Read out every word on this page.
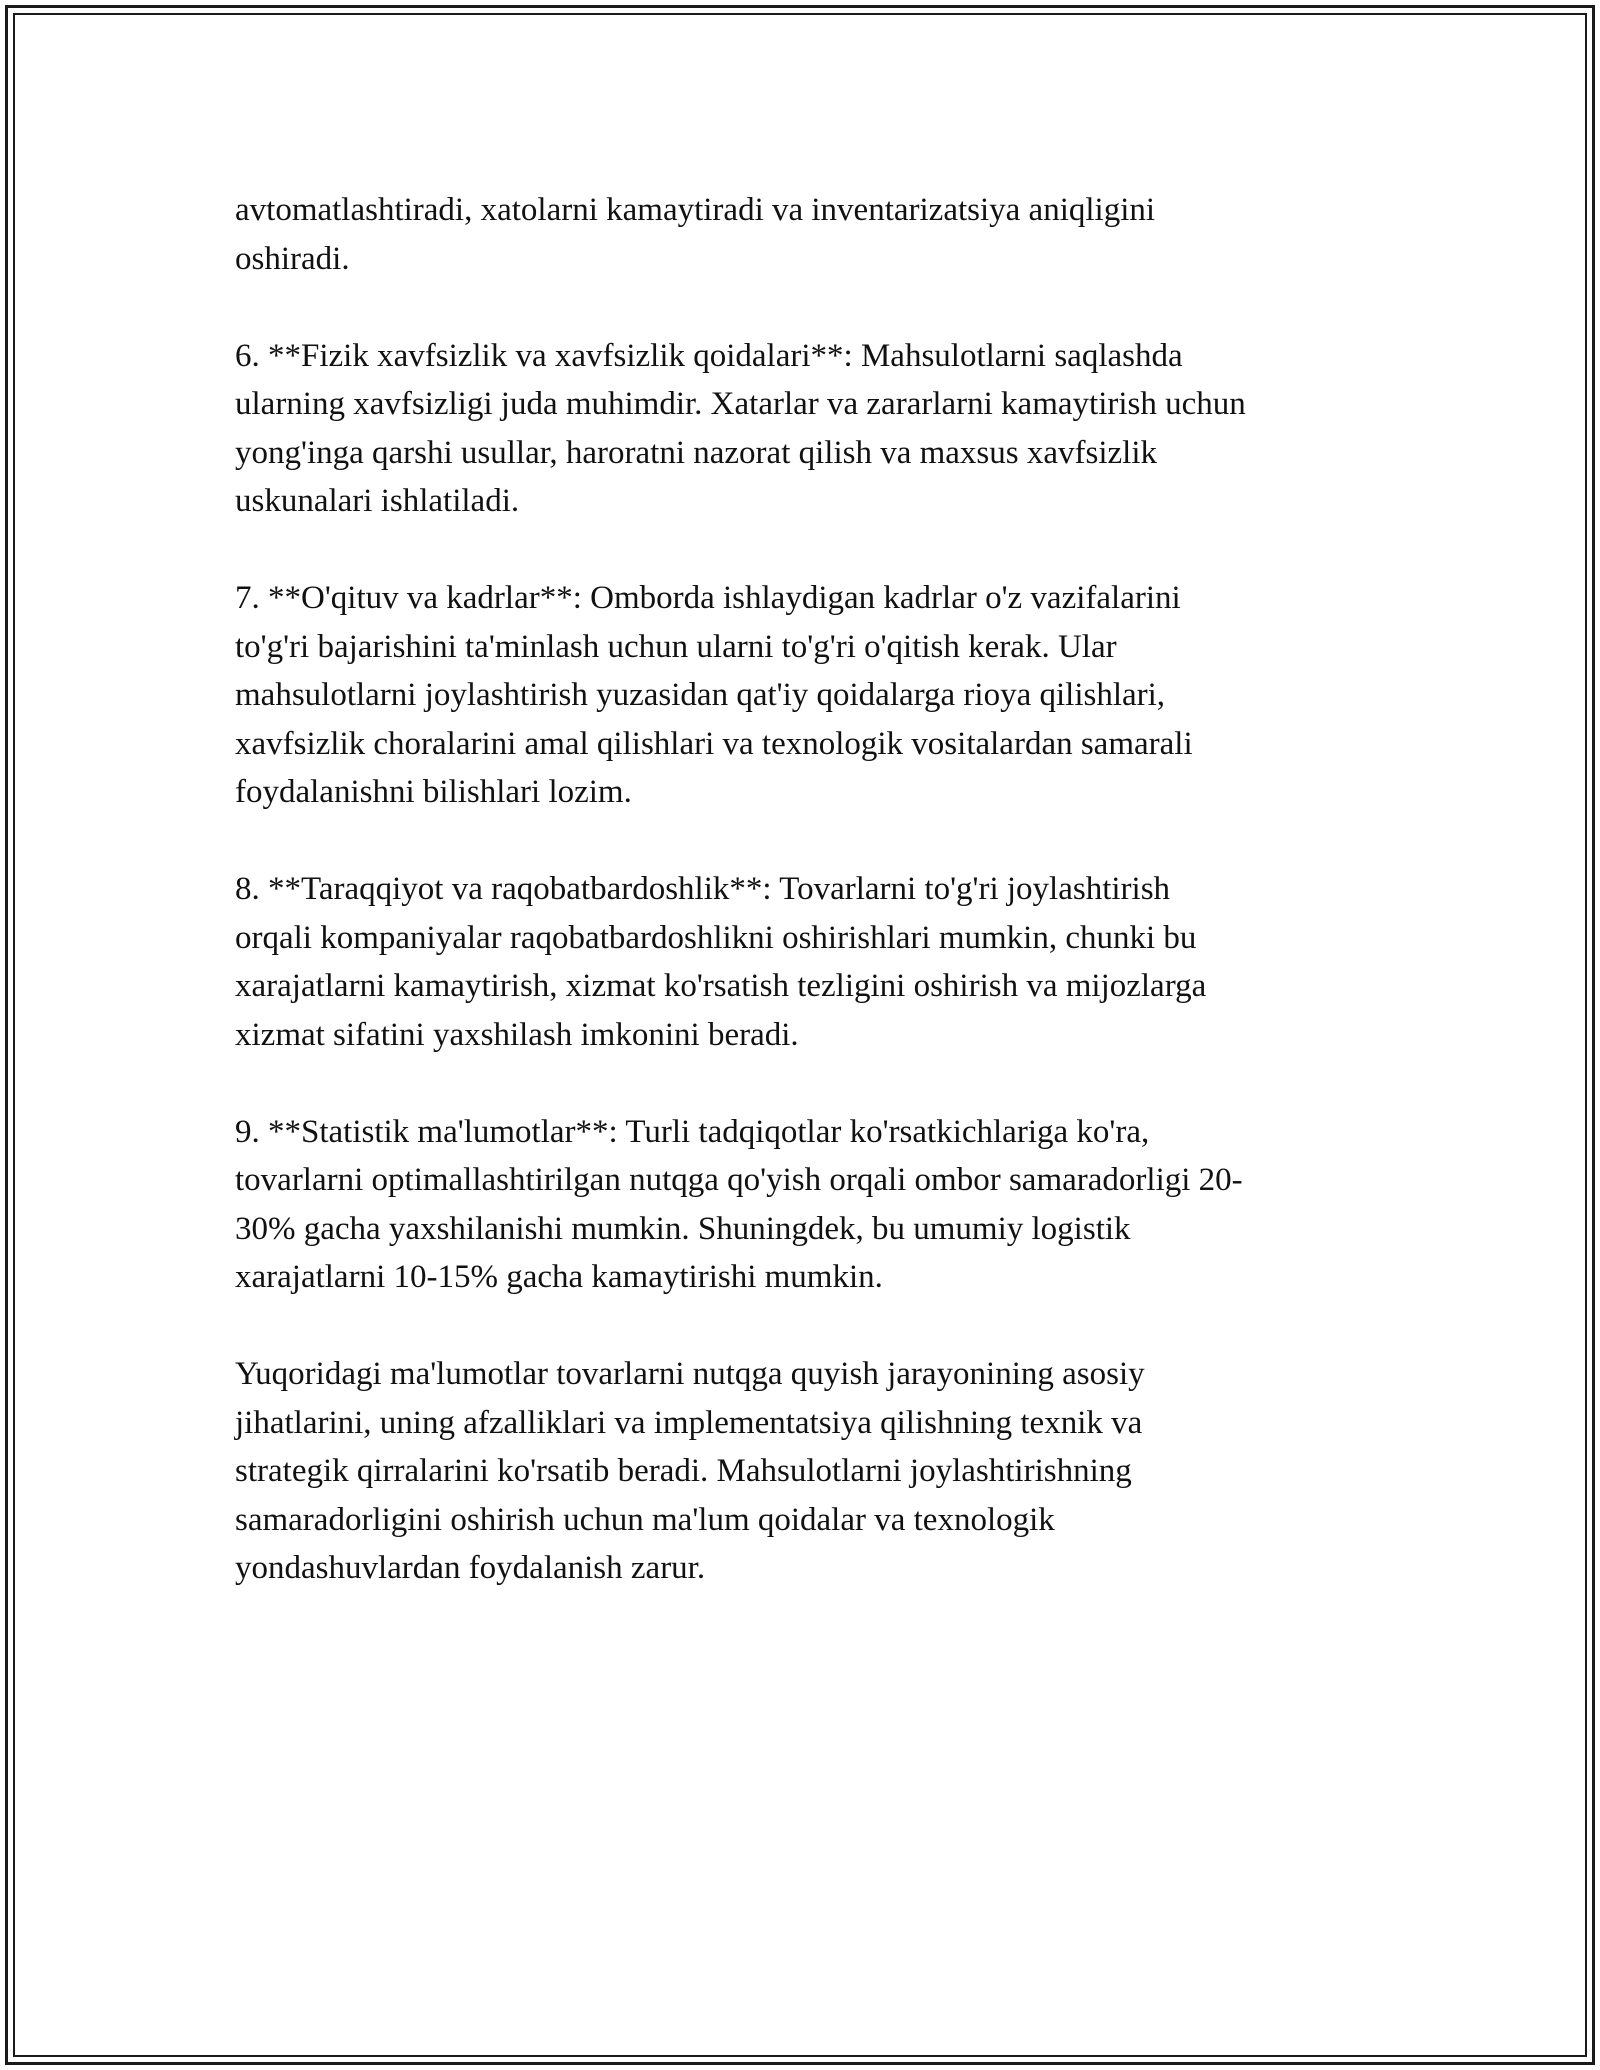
avtomatlashtiradi, xatolarni kamaytiradi va inventarizatsiya aniqligini
oshiradi.

6. **Fizik xavfsizlik va xavfsizlik qoidalari**: Mahsulotlarni saqlashda
ularning xavfsizligi juda muhimdir. Xatarlar va zararlarni kamaytirish uchun
yong'inga qarshi usullar, haroratni nazorat qilish va maxsus xavfsizlik
uskunalari ishlatiladi.

7. **O'qituv va kadrlar**: Omborda ishlaydigan kadrlar o'z vazifalarini
to'g'ri bajarishini ta'minlash uchun ularni to'g'ri o'qitish kerak. Ular
mahsulotlarni joylashtirish yuzasidan qat'iy qoidalarga rioya qilishlari,
xavfsizlik choralarini amal qilishlari va texnologik vositalardan samarali
foydalanishni bilishlari lozim.

8. **Taraqqiyot va raqobatbardoshlik**: Tovarlarni to'g'ri joylashtirish
orqali kompaniyalar raqobatbardoshlikni oshirishlari mumkin, chunki bu
xarajatlarni kamaytirish, xizmat ko'rsatish tezligini oshirish va mijozlarga
xizmat sifatini yaxshilash imkonini beradi.

9. **Statistik ma'lumotlar**: Turli tadqiqotlar ko'rsatkichlariga ko'ra,
tovarlarni optimallashtirilgan nutqga qo'yish orqali ombor samaradorligi 20-
30% gacha yaxshilanishi mumkin. Shuningdek, bu umumiy logistik
xarajatlarni 10-15% gacha kamaytirishi mumkin.

Yuqoridagi ma'lumotlar tovarlarni nutqga quyish jarayonining asosiy
jihatlarini, uning afzalliklari va implementatsiya qilishning texnik va
strategik qirralarini ko'rsatib beradi. Mahsulotlarni joylashtirishning
samaradorligini oshirish uchun ma'lum qoidalar va texnologik
yondashuvlardan foydalanish zarur.
